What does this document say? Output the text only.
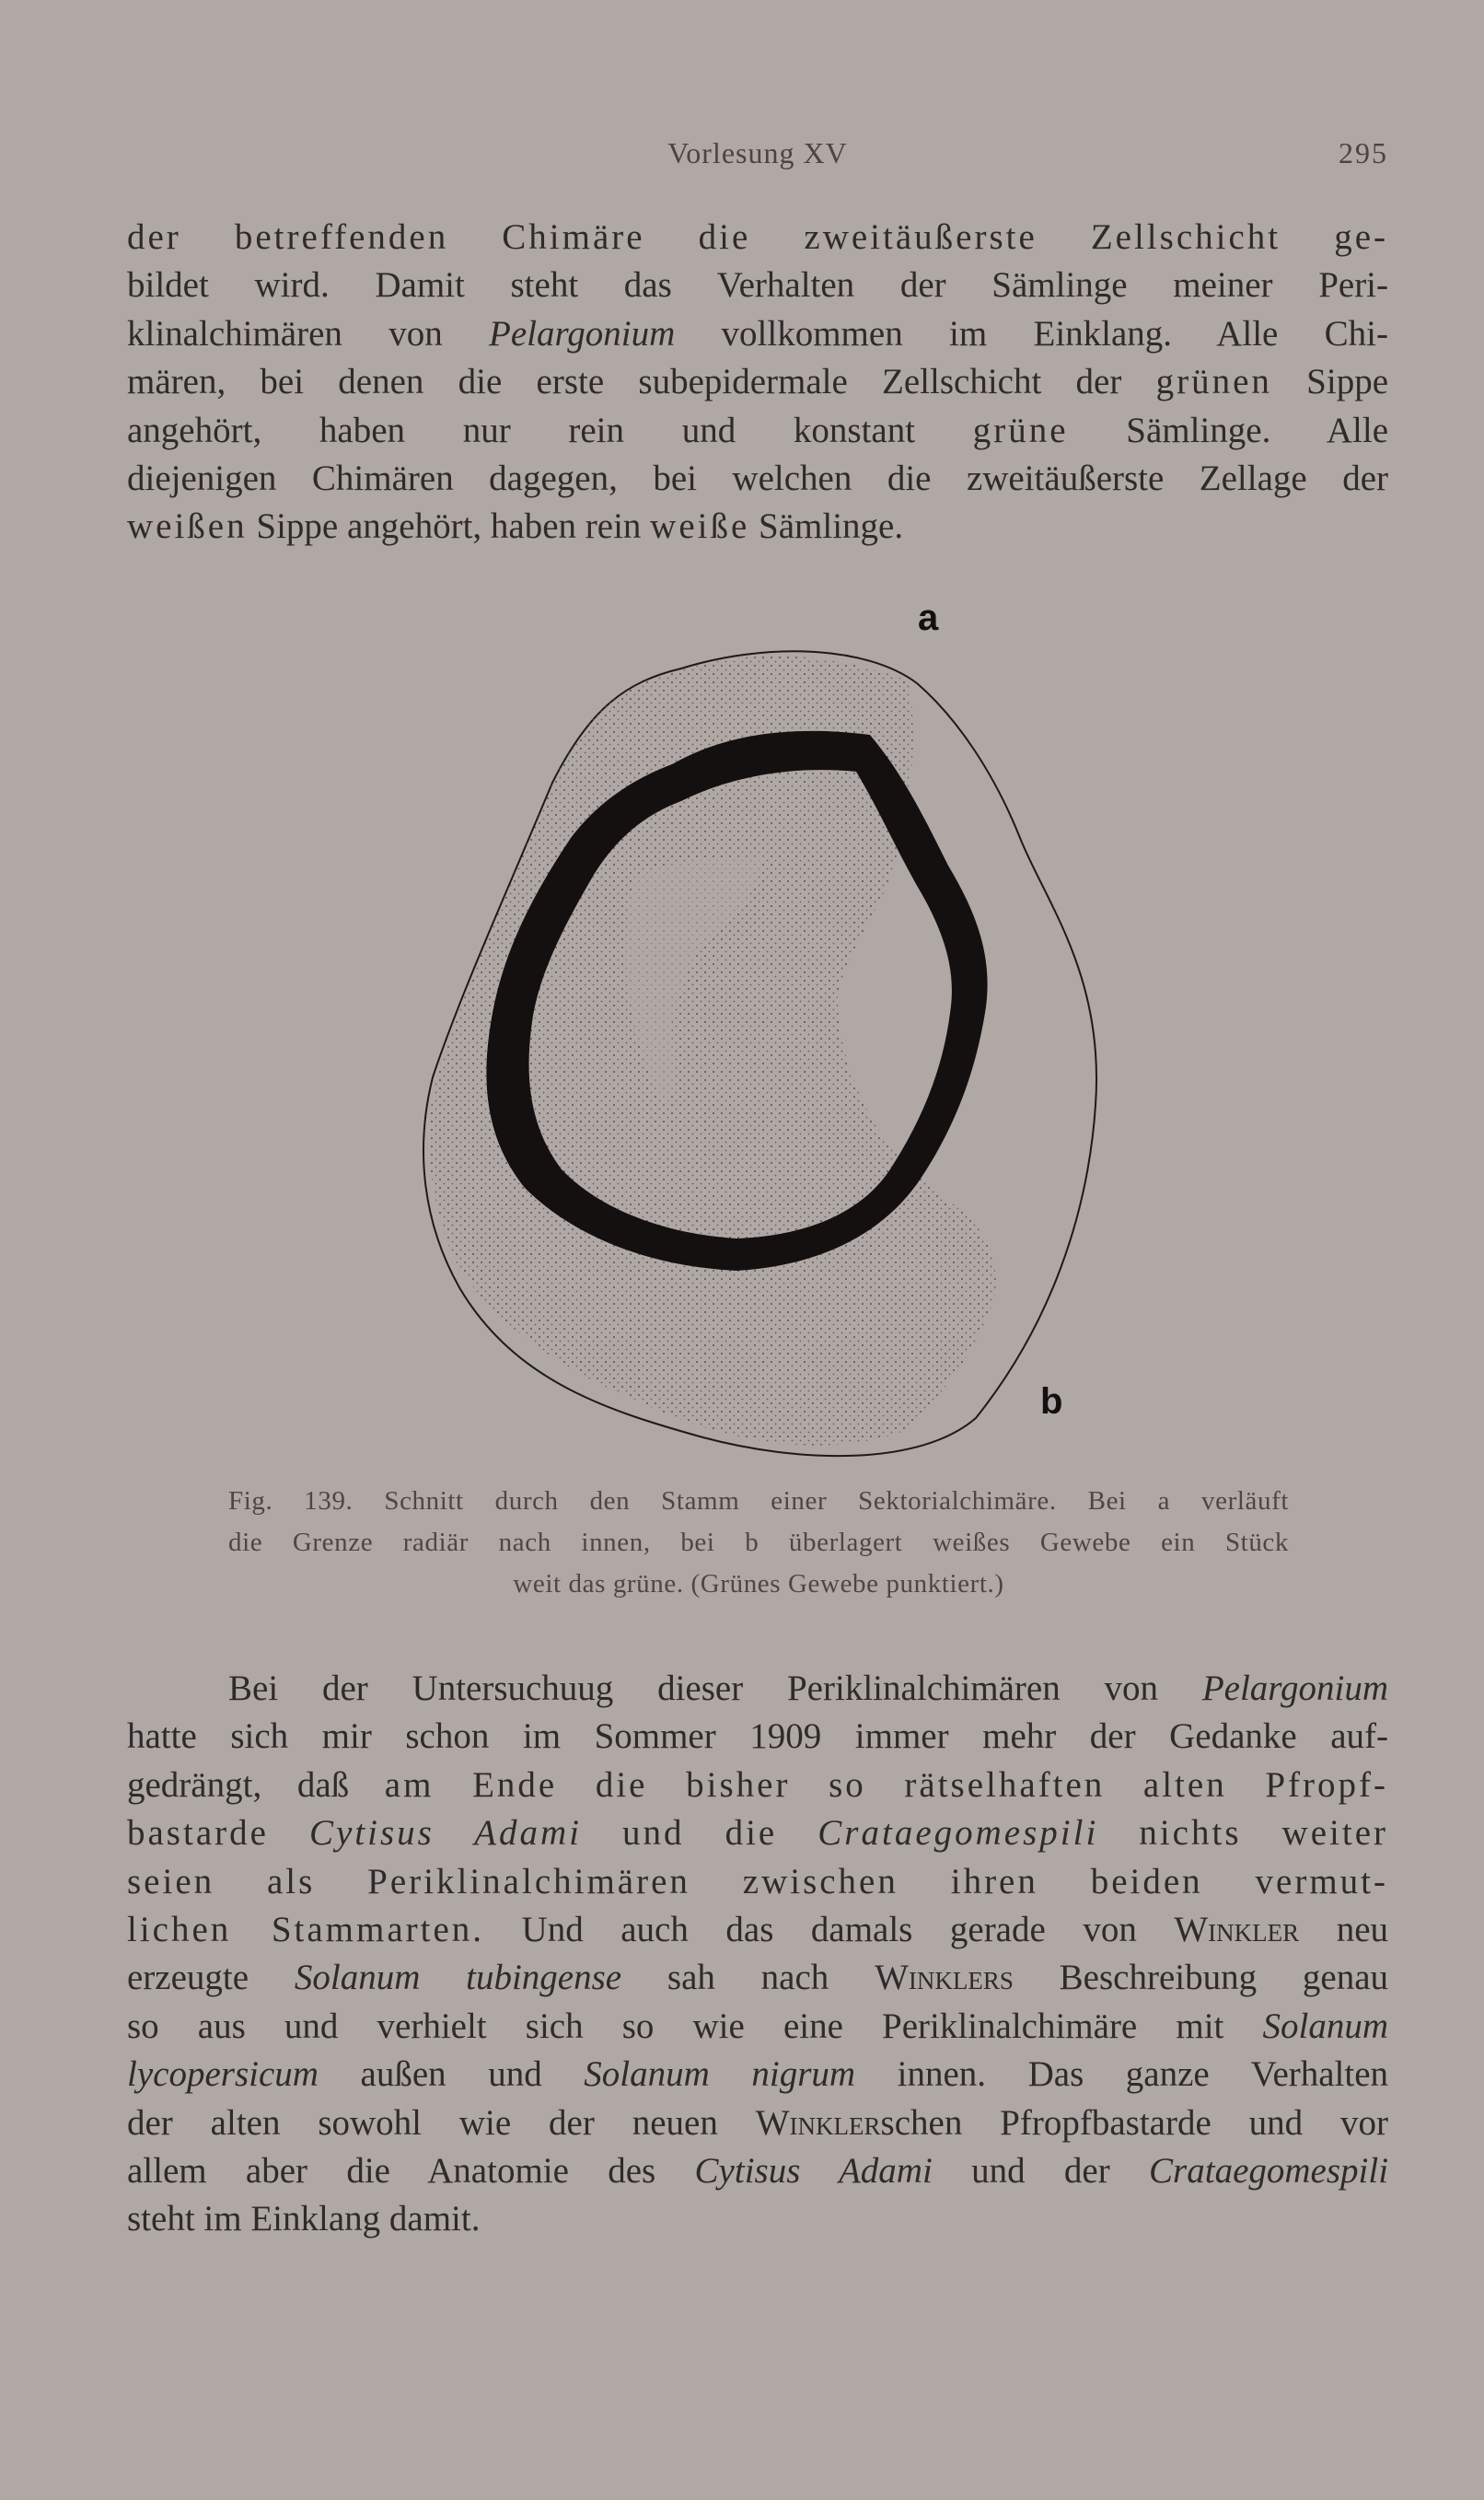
Vorlesung XV	295
der betreffenden Chimäre die zweitäußerste Zellschicht ge-
bildet wird. Damit steht das Verhalten der Sämlinge meiner Peri-
klinalchimären von Pelargonium vollkommen im Einklang. Alle Chi-
mären, bei denen die erste subepidermale Zellschicht der grünen Sippe
angehört, haben nur rein und konstant grüne Sämlinge. Alle
diejenigen Chimären dagegen, bei welchen die zweitäußerste Zellage der
weißen Sippe angehört, haben rein weiße Sämlinge.
a
b
Fig. 139. Schnitt durch den Stamm einer Sektorialchimäre. Bei a verläuft
die Grenze radiär nach innen, bei b überlagert weißes Gewebe ein Stück
weit das grüne. (Grünes Gewebe punktiert.)
Bei der Untersuchuug dieser Periklinalchimären von Pelargonium
hatte sich mir schon im Sommer 1909 immer mehr der Gedanke auf-
gedrängt, daß am Ende die bisher so rätselhaften alten Pfropf-
bastarde Cytisus Adami und die Crataegomespili nichts weiter
seien als Periklinalchimären zwischen ihren beiden vermut-
lichen Stammarten. Und auch das damals gerade von Winkler neu
erzeugte Solanum tubingense sah nach Winklers Beschreibung genau
so aus und verhielt sich so wie eine Periklinalchimäre mit Solanum
lycopersicum außen und Solanum nigrum innen. Das ganze Verhalten
der alten sowohl wie der neuen Winklerschen Pfropfbastarde und vor
allem aber die Anatomie des Cytisus Adami und der Crataegomespili
steht im Einklang damit.
